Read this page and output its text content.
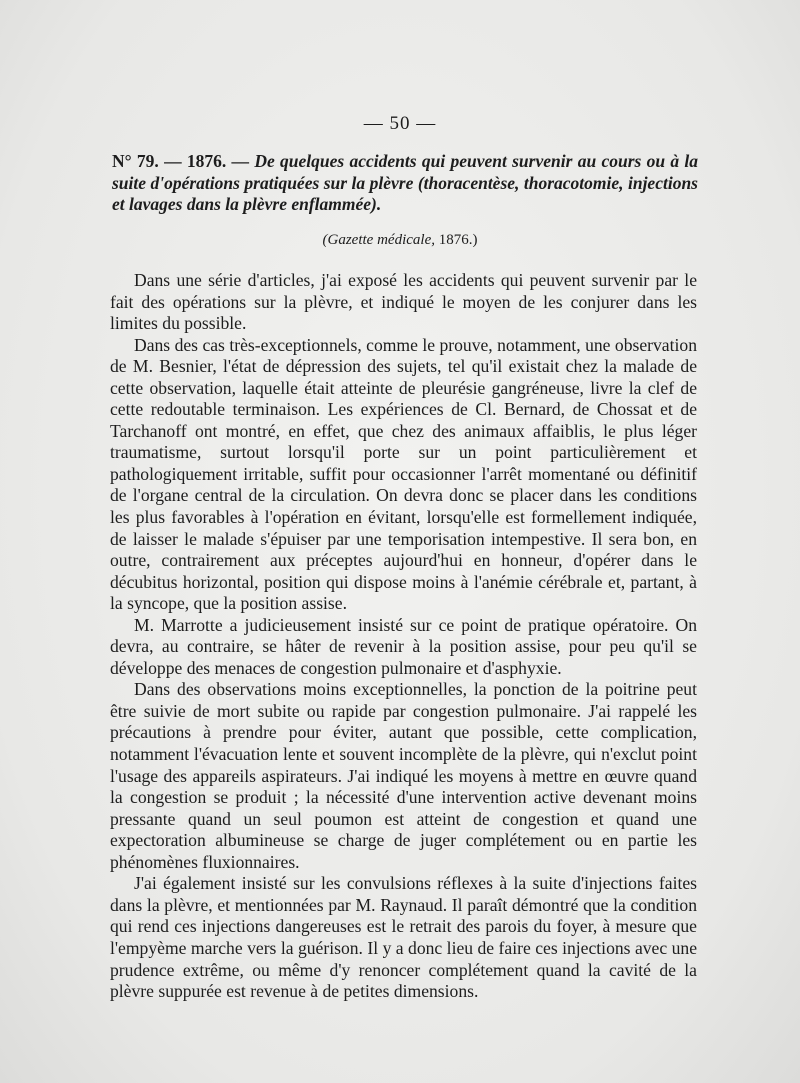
— 50 —
N° 79. — 1876. — De quelques accidents qui peuvent survenir au cours ou à la suite d'opérations pratiquées sur la plèvre (thoracentèse, thoracotomie, injections et lavages dans la plèvre enflammée).
(Gazette médicale, 1876.)

Dans une série d'articles, j'ai exposé les accidents qui peuvent survenir par le fait des opérations sur la plèvre, et indiqué le moyen de les conjurer dans les limites du possible.

Dans des cas très-exceptionnels, comme le prouve, notamment, une observation de M. Besnier, l'état de dépression des sujets, tel qu'il existait chez la malade de cette observation, laquelle était atteinte de pleurésie gangréneuse, livre la clef de cette redoutable terminaison. Les expériences de Cl. Bernard, de Chossat et de Tarchanoff ont montré, en effet, que chez des animaux affaiblis, le plus léger traumatisme, surtout lorsqu'il porte sur un point particulièrement et pathologiquement irritable, suffit pour occasionner l'arrêt momentané ou définitif de l'organe central de la circulation. On devra donc se placer dans les conditions les plus favorables à l'opération en évitant, lorsqu'elle est formellement indiquée, de laisser le malade s'épuiser par une temporisation intempestive. Il sera bon, en outre, contrairement aux préceptes aujourd'hui en honneur, d'opérer dans le décubitus horizontal, position qui dispose moins à l'anémie cérébrale et, partant, à la syncope, que la position assise.

M. Marrotte a judicieusement insisté sur ce point de pratique opératoire. On devra, au contraire, se hâter de revenir à la position assise, pour peu qu'il se développe des menaces de congestion pulmonaire et d'asphyxie.

Dans des observations moins exceptionnelles, la ponction de la poitrine peut être suivie de mort subite ou rapide par congestion pulmonaire. J'ai rappelé les précautions à prendre pour éviter, autant que possible, cette complication, notamment l'évacuation lente et souvent incomplète de la plèvre, qui n'exclut point l'usage des appareils aspirateurs. J'ai indiqué les moyens à mettre en œuvre quand la congestion se produit ; la nécessité d'une intervention active devenant moins pressante quand un seul poumon est atteint de congestion et quand une expectoration albumineuse se charge de juger complétement ou en partie les phénomènes fluxionnaires.

J'ai également insisté sur les convulsions réflexes à la suite d'injections faites dans la plèvre, et mentionnées par M. Raynaud. Il paraît démontré que la condition qui rend ces injections dangereuses est le retrait des parois du foyer, à mesure que l'empyème marche vers la guérison. Il y a donc lieu de faire ces injections avec une prudence extrême, ou même d'y renoncer complétement quand la cavité de la plèvre suppurée est revenue à de petites dimensions.
